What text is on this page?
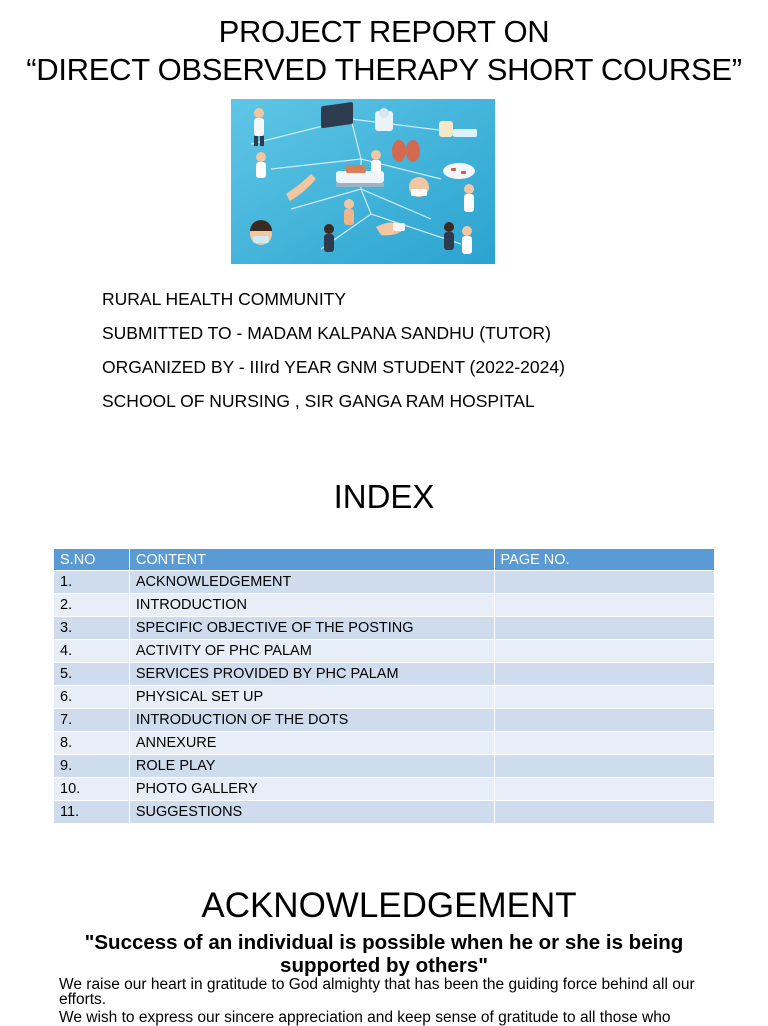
PROJECT REPORT ON
“DIRECT OBSERVED THERAPY SHORT COURSE”
RURAL HEALTH COMMUNITY
SUBMITTED TO - MADAM KALPANA SANDHU (TUTOR)
ORGANIZED BY - IIIrd YEAR GNM STUDENT (2022-2024)
SCHOOL OF NURSING , SIR GANGA RAM HOSPITAL
INDEX
S.NO	CONTENT	PAGE NO.
1.	ACKNOWLEDGEMENT	
2.	INTRODUCTION	
3.	SPECIFIC OBJECTIVE OF THE POSTING	
4.	ACTIVITY OF PHC PALAM	
5.	SERVICES PROVIDED BY PHC PALAM	
6.	PHYSICAL SET UP	
7.	INTRODUCTION OF THE DOTS	
8.	ANNEXURE	
9.	ROLE PLAY	
10.	PHOTO GALLERY	
11.	SUGGESTIONS	
ACKNOWLEDGEMENT
"Success of an individual is possible when he or she is being supported by others"
We raise our heart in gratitude to God almighty that has been the guiding force behind all our efforts.
We wish to express our sincere appreciation and keep sense of gratitude to all those who
